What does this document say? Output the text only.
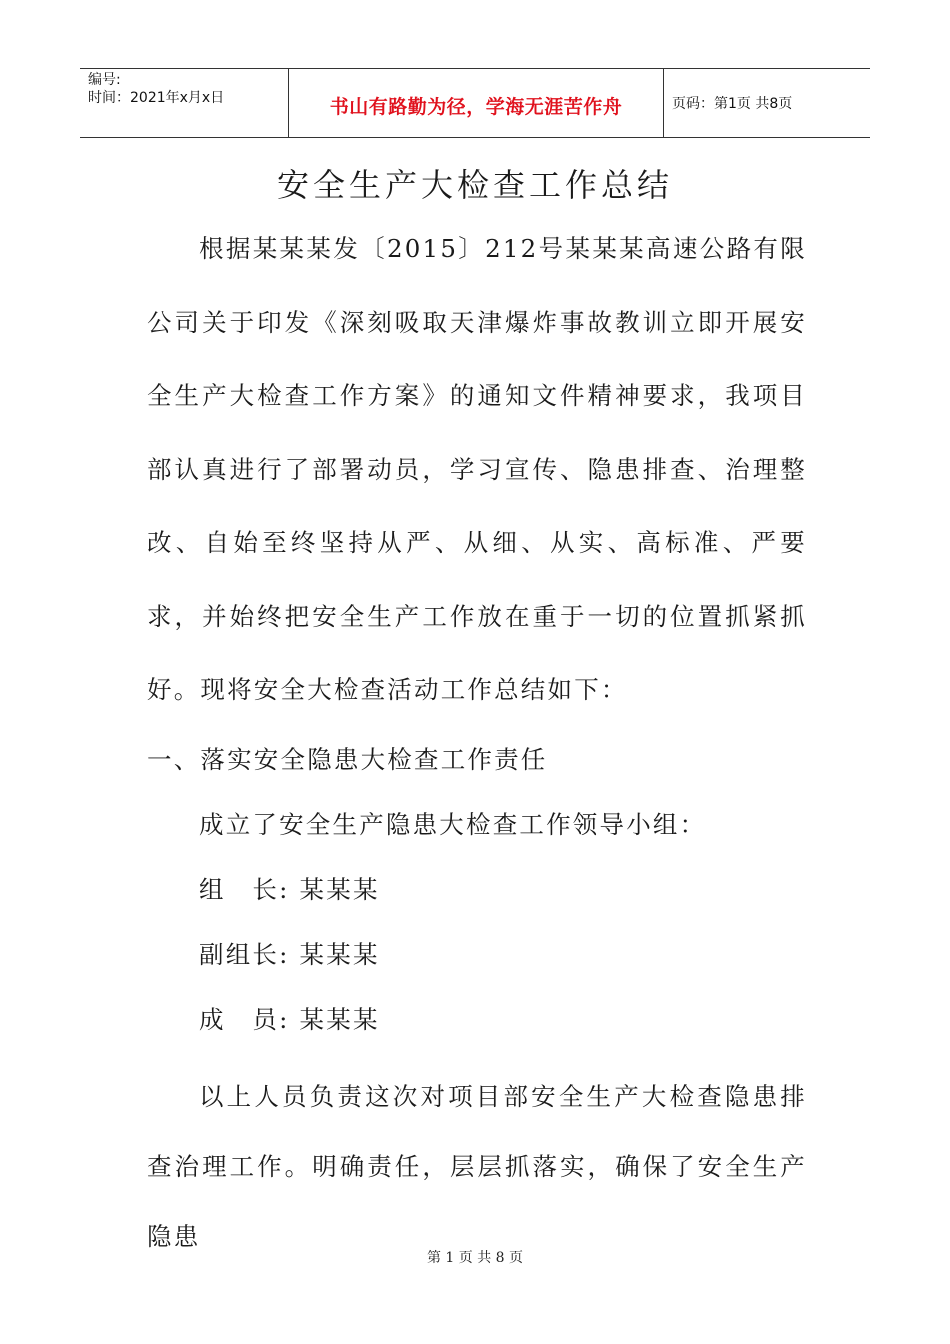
编号:
时间：2021年x月x日	书山有路勤为径，学海无涯苦作舟	页码：第1页 共8页
安全生产大检查工作总结

根据某某某发〔2015〕212号某某某高速公路有限公司关于印发《深刻吸取天津爆炸事故教训立即开展安全生产大检查工作方案》的通知文件精神要求，我项目部认真进行了部署动员，学习宣传、隐患排查、治理整改、自始至终坚持从严、从细、从实、高标准、严要求，并始终把安全生产工作放在重于一切的位置抓紧抓好。现将安全大检查活动工作总结如下：

一、落实安全隐患大检查工作责任
成立了安全生产隐患大检查工作领导小组：
组　长: 某某某
副组长: 某某某
成　员: 某某某

以上人员负责这次对项目部安全生产大检查隐患排查治理工作。明确责任，层层抓落实，确保了安全生产隐患

第 1 页 共 8 页
